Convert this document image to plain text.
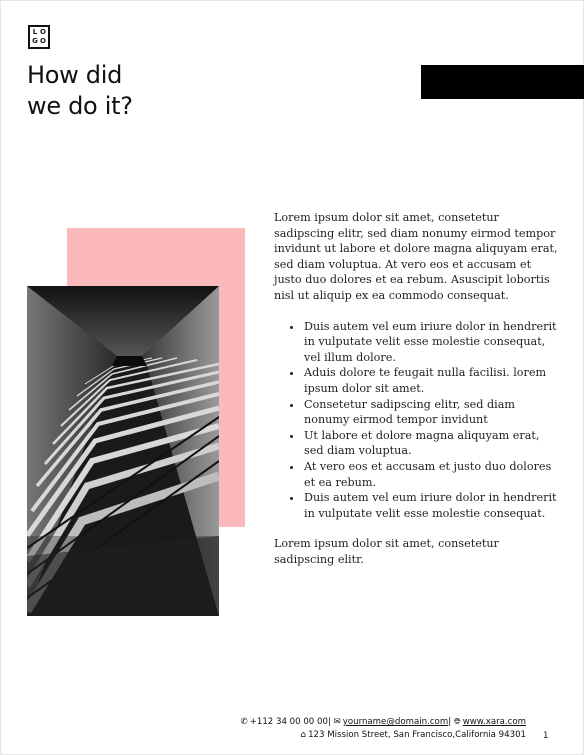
L O
G O
How did
we do it?

Lorem ipsum dolor sit amet, consetetur sadipscing elitr, sed diam nonumy eirmod tempor invidunt ut labore et dolore magna aliquyam erat, sed diam voluptua. At vero eos et accusam et justo duo dolores et ea rebum. Asuscipit lobortis nisl ut aliquip ex ea commodo consequat.

• Duis autem vel eum iriure dolor in hendrerit in vulputate velit esse molestie consequat, vel illum dolore.
• Aduis dolore te feugait nulla facilisi. lorem ipsum dolor sit amet.
• Consetetur sadipscing elitr, sed diam nonumy eirmod tempor invidunt
• Ut labore et dolore magna aliquyam erat, sed diam voluptua.
• At vero eos et accusam et justo duo dolores et ea rebum.
• Duis autem vel eum iriure dolor in hendrerit in vulputate velit esse molestie consequat.

Lorem ipsum dolor sit amet, consetetur sadipscing elitr.

✆ +112 34 00 00 00| ✉ yourname@domain.com| 🌐︎ www.xara.com
⌂ 123 Mission Street, San Francisco,California 94301 1
